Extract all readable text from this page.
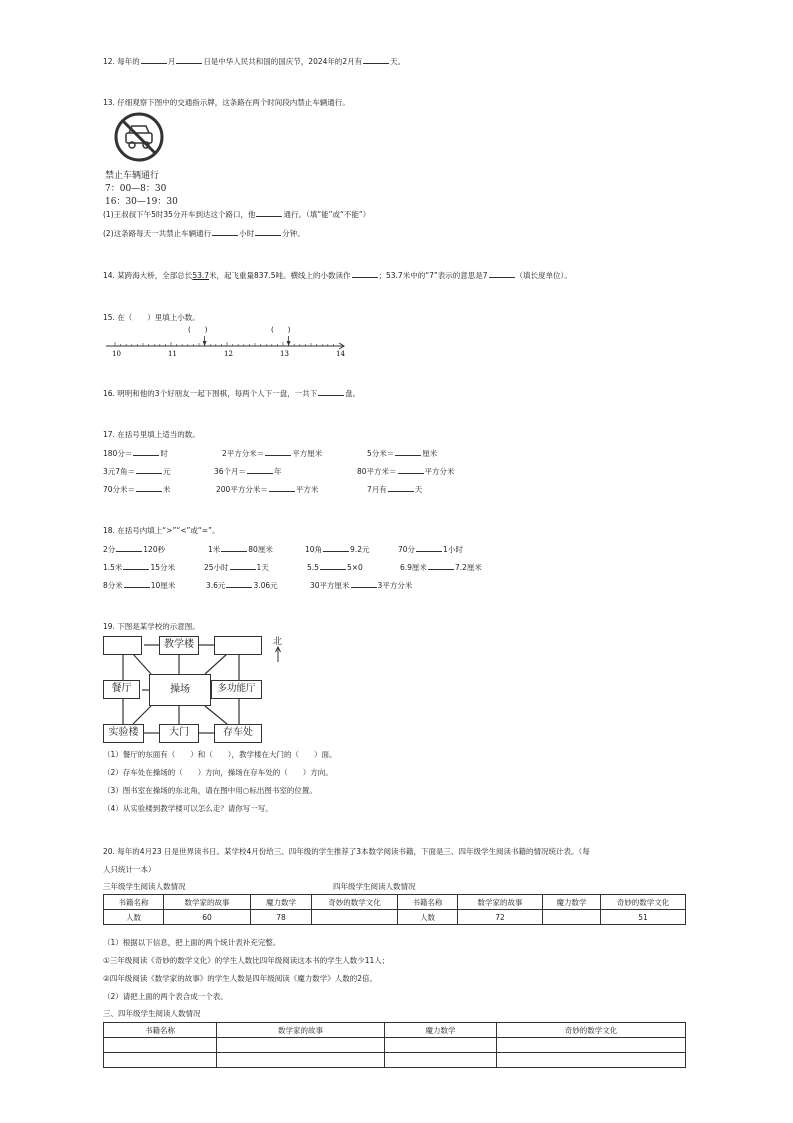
12. 每年的	月	日是中华人民共和国的国庆节，2024年的2月有	天。
13. 仔细观察下图中的交通指示牌，这条路在两个时间段内禁止车辆通行。
禁止车辆通行
7：00—8：30
16：30—19：30
(1)王叔叔下午5时35分开车到达这个路口，他	通行。（填“能”或“不能”）
(2)这条路每天一共禁止车辆通行	小时	分钟。
14. 某跨海大桥，全部总长53.7米，起飞重量837.5吨。横线上的小数读作	；53.7米中的“7”表示的意思是7	（填长度单位）。
15. 在（　　）里填上小数。
(　　)	(　　)
10	11	12	13	14
16. 明明和他的3个好朋友一起下围棋，每两个人下一盘，一共下	盘。
17. 在括号里填上适当的数。
180分＝	时	2平方分米＝	平方厘米	5分米＝	厘米
3元7角＝	元	36个月＝	年	80平方米＝	平方分米
70分米＝	米	200平方分米＝	平方米	7月有	天
18. 在括号内填上“>”“<”或“=”。
2分	120秒	1米	80厘米	10角	9.2元	70分	1小时
1.5米	15分米	25小时	1天	5.5	5×0	6.9厘米	7.2厘米
8分米	10厘米	3.6元	3.06元	30平方厘米	3平方分米
19. 下图是某学校的示意图。
教学楼
餐厅	操场	多功能厅
实验楼	大门	存车处
北
（1）餐厅的东面有（　　）和（　　），教学楼在大门的（　　）面。
（2）存车处在操场的（　　）方向，操场在存车处的（　　）方向。
（3）图书室在操场的东北角，请在图中用○标出图书室的位置。
（4）从实验楼到教学楼可以怎么走？请你写一写。
20. 每年的4月23 日是世界读书日。某学校4月份给三、四年级的学生推荐了3本数学阅读书籍，下面是三、四年级学生阅读书籍的情况统计表。（每
人只统计一本）
三年级学生阅读人数情况	四年级学生阅读人数情况
书籍名称	数学家的故事	魔力数学	奇妙的数学文化
人数	60	78	
书籍名称	数学家的故事	魔力数学	奇妙的数学文化
人数	72		51
（1）根据以下信息，把上面的两个统计表补充完整。
①三年级阅读《奇妙的数学文化》的学生人数比四年级阅读这本书的学生人数少11人；
②四年级阅读《数学家的故事》的学生人数是四年级阅读《魔力数学》人数的2倍。
（2）请把上面的两个表合成一个表。
三、四年级学生阅读人数情况
书籍名称	数学家的故事	魔力数学	奇妙的数学文化
